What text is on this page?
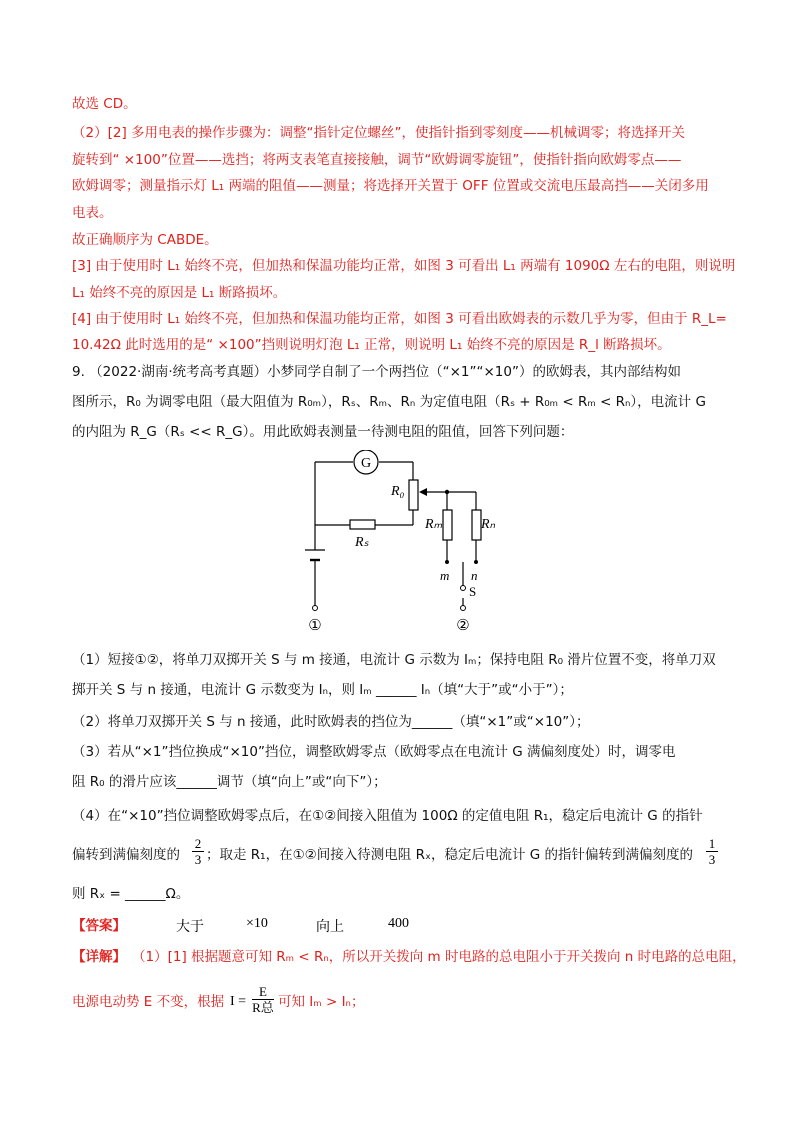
故选 CD。
（2）[2] 多用电表的操作步骤为：调整“指针定位螺丝”，使指针指到零刻度——机械调零；将选择开关
旋转到“ ×100”位置——选挡；将两支表笔直接接触，调节“欧姆调零旋钮”，使指针指向欧姆零点——
欧姆调零；测量指示灯 L₁ 两端的阻值——测量；将选择开关置于 OFF 位置或交流电压最高挡——关闭多用
电表。
故正确顺序为 CABDE。
[3] 由于使用时 L₁ 始终不亮，但加热和保温功能均正常，如图 3 可看出 L₁ 两端有 1090Ω 左右的电阻，则说明
L₁ 始终不亮的原因是 L₁ 断路损坏。
[4] 由于使用时 L₁ 始终不亮，但加热和保温功能均正常，如图 3 可看出欧姆表的示数几乎为零，但由于 R_L=
10.42Ω 此时选用的是“ ×100”挡则说明灯泡 L₁ 正常，则说明 L₁ 始终不亮的原因是 R_l 断路损坏。
9. （2022·湖南·统考高考真题）小梦同学自制了一个两挡位（“×1”“×10”）的欧姆表，其内部结构如
图所示，R₀ 为调零电阻（最大阻值为 R₀ₘ），Rₛ、Rₘ、Rₙ 为定值电阻（Rₛ + R₀ₘ < Rₘ < Rₙ），电流计 G
的内阻为 R_G（Rₛ << R_G）。用此欧姆表测量一待测电阻的阻值，回答下列问题：
G
R₀
Rₛ
Rₘ	Rₙ
m n
S
①	②
（1）短接①②，将单刀双掷开关 S 与 m 接通，电流计 G 示数为 Iₘ；保持电阻 R₀ 滑片位置不变，将单刀双
掷开关 S 与 n 接通，电流计 G 示数变为 Iₙ，则 Iₘ ______ Iₙ（填“大于”或“小于”）；
（2）将单刀双掷开关 S 与 n 接通，此时欧姆表的挡位为______（填“×1”或“×10”）；
（3）若从“×1”挡位换成“×10”挡位，调整欧姆零点（欧姆零点在电流计 G 满偏刻度处）时，调零电
阻 R₀ 的滑片应该______调节（填“向上”或“向下”）；
（4）在“×10”挡位调整欧姆零点后，在①②间接入阻值为 100Ω 的定值电阻 R₁，稳定后电流计 G 的指针
偏转到满偏刻度的 $\frac{2}{3}$ ；取走 R₁，在①②间接入待测电阻 Rₓ，稳定后电流计 G 的指针偏转到满偏刻度的 $\frac{1}{3}$
则 Rₓ = ______Ω。
【答案】	大于	×10	向上	400
【详解】 （1）[1] 根据题意可知 Rₘ < Rₙ，所以开关拨向 m 时电路的总电阻小于开关拨向 n 时电路的总电阻，
电源电动势 E 不变，根据 I =
E
R总 可知 Iₘ > Iₙ；
